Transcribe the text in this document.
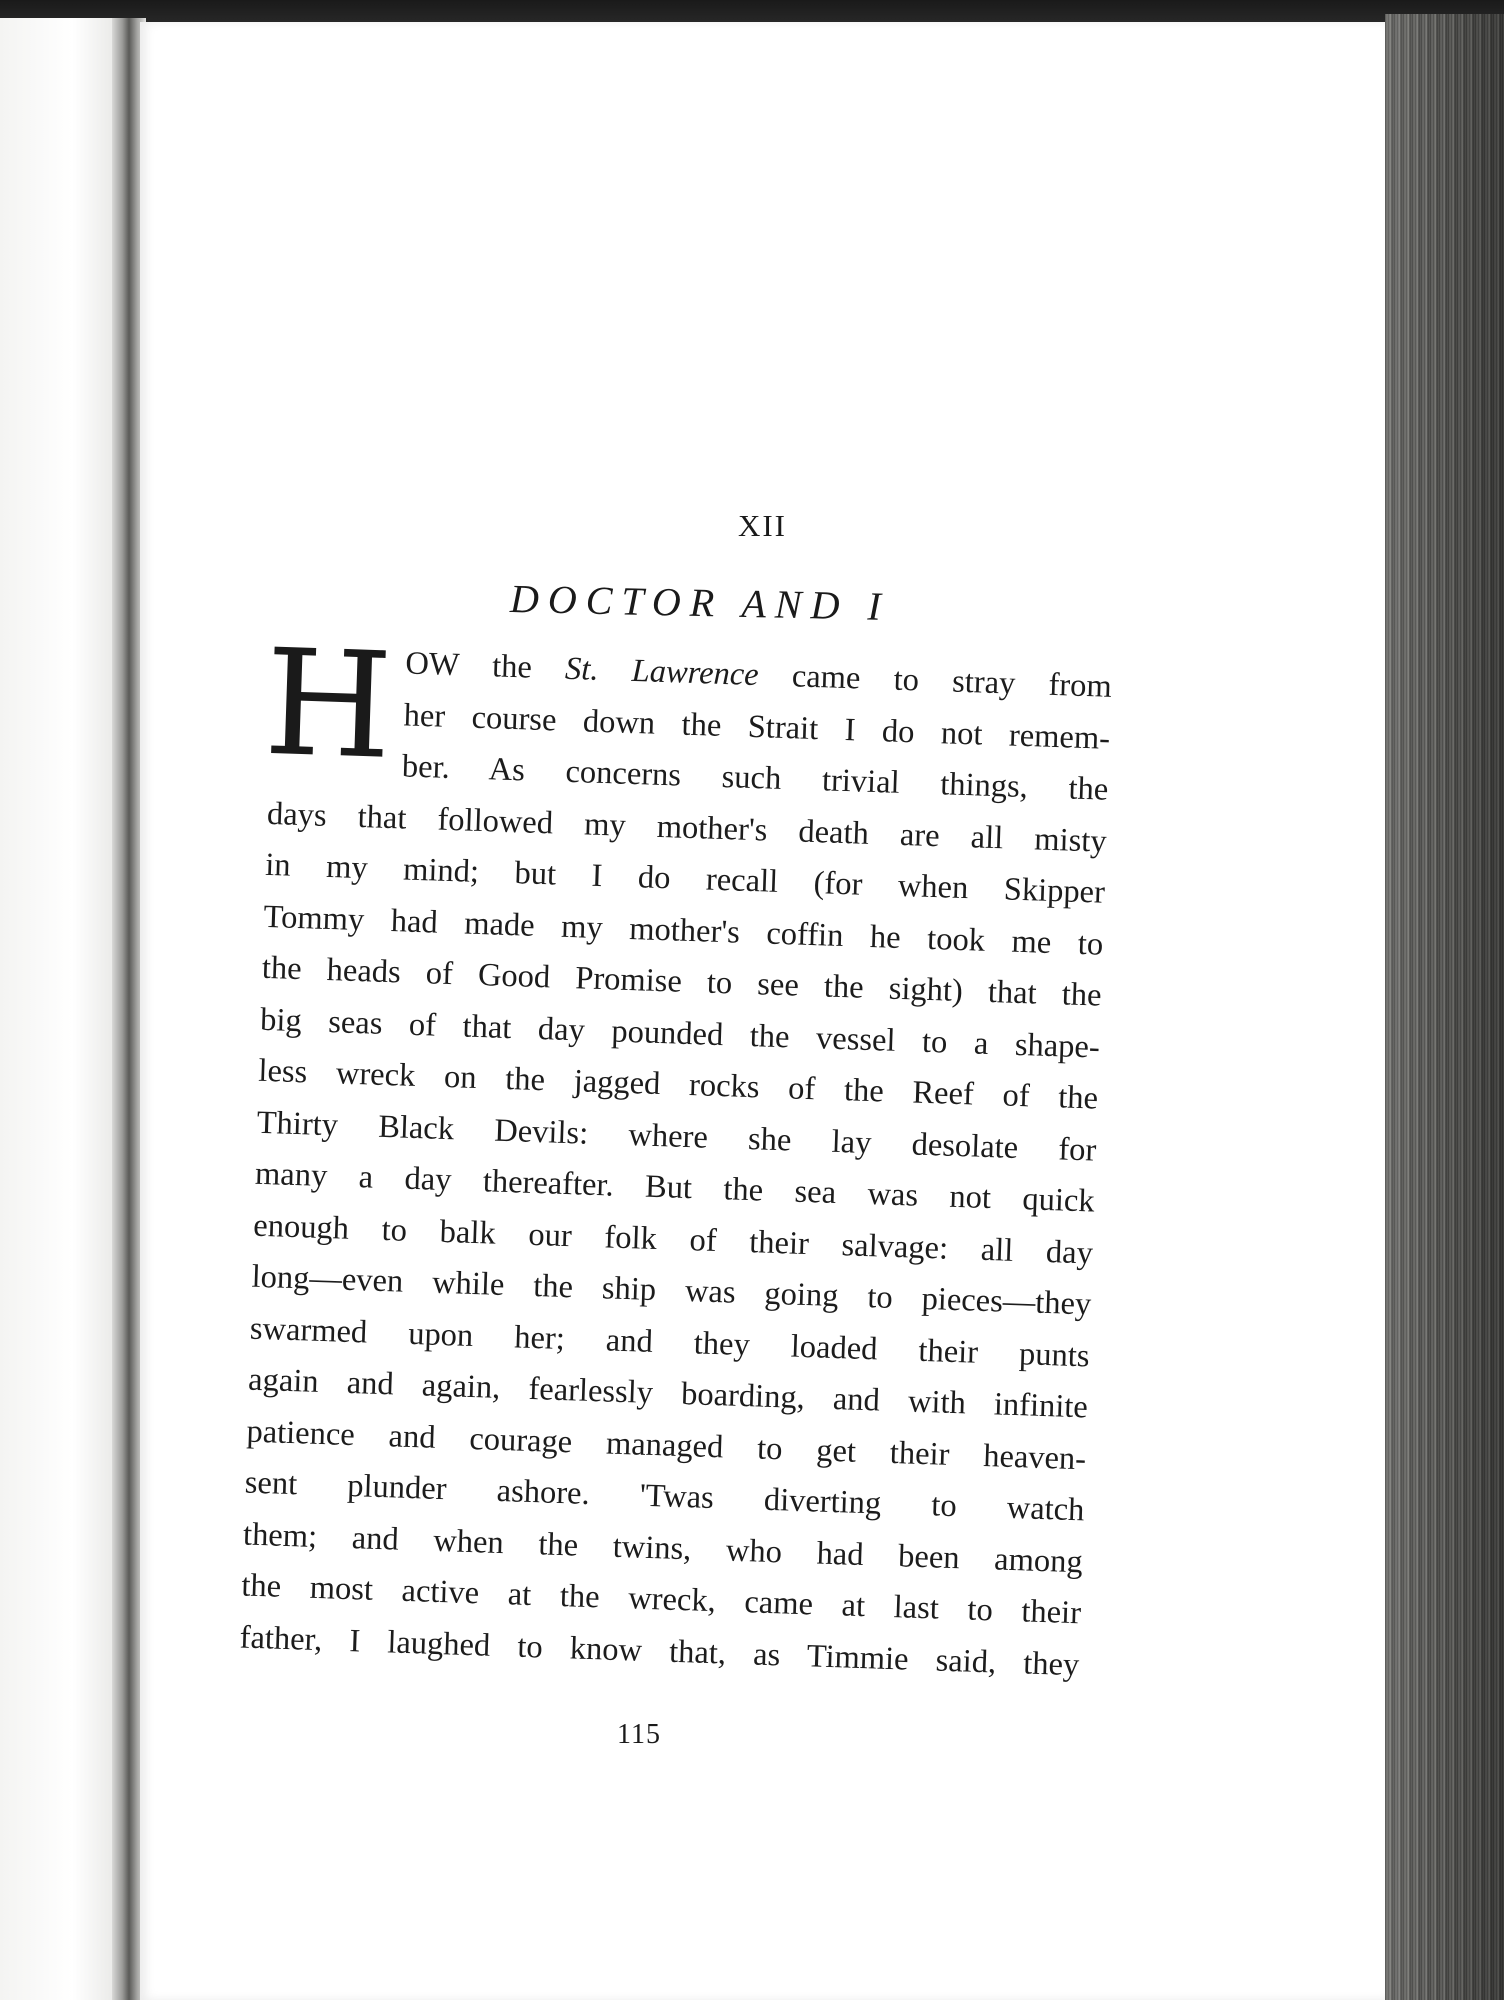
XII
DOCTOR AND I
H OW the St. Lawrence came to stray from
her course down the Strait I do not remem-
ber. As concerns such trivial things, the
days that followed my mother's death are all misty
in my mind; but I do recall (for when Skipper
Tommy had made my mother's coffin he took me to
the heads of Good Promise to see the sight) that the
big seas of that day pounded the vessel to a shape-
less wreck on the jagged rocks of the Reef of the
Thirty Black Devils: where she lay desolate for
many a day thereafter. But the sea was not quick
enough to balk our folk of their salvage: all day
long—even while the ship was going to pieces—they
swarmed upon her; and they loaded their punts
again and again, fearlessly boarding, and with infinite
patience and courage managed to get their heaven-
sent plunder ashore. 'Twas diverting to watch
them; and when the twins, who had been among
the most active at the wreck, came at last to their
father, I laughed to know that, as Timmie said, they
115
